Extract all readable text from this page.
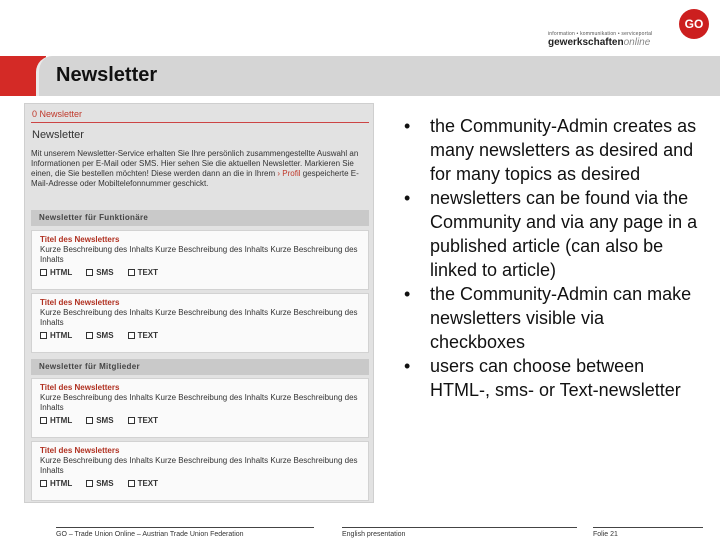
GO
information • kommunikation • serviceportal
gewerkschaftenonline
Newsletter
0 Newsletter
Newsletter
Mit unserem Newsletter-Service erhalten Sie Ihre persönlich zusammengestellte Auswahl an Informationen per E-Mail oder SMS. Hier sehen Sie die aktuellen Newsletter. Markieren Sie einen, die Sie bestellen möchten! Diese werden dann an die in Ihrem › Profil gespeicherte E-Mail-Adresse oder Mobiltelefonnummer geschickt.
Newsletter für Funktionäre
Titel des Newsletters
Kurze Beschreibung des Inhalts Kurze Beschreibung des Inhalts Kurze Beschreibung des Inhalts
HTML	SMS	TEXT
Titel des Newsletters
Kurze Beschreibung des Inhalts Kurze Beschreibung des Inhalts Kurze Beschreibung des Inhalts
HTML	SMS	TEXT
Newsletter für Mitglieder
Titel des Newsletters
Kurze Beschreibung des Inhalts Kurze Beschreibung des Inhalts Kurze Beschreibung des Inhalts
HTML	SMS	TEXT
Titel des Newsletters
Kurze Beschreibung des Inhalts Kurze Beschreibung des Inhalts Kurze Beschreibung des Inhalts
HTML	SMS	TEXT
• the Community-Admin creates as many newsletters as desired and for many topics as desired
• newsletters can be found via the Community and via any page in a published article (can also be linked to article)
• the Community-Admin can make newsletters visible via checkboxes
• users can choose between HTML-, sms- or Text-newsletter
GO – Trade Union Online – Austrian Trade Union Federation	English presentation	Folie 21
